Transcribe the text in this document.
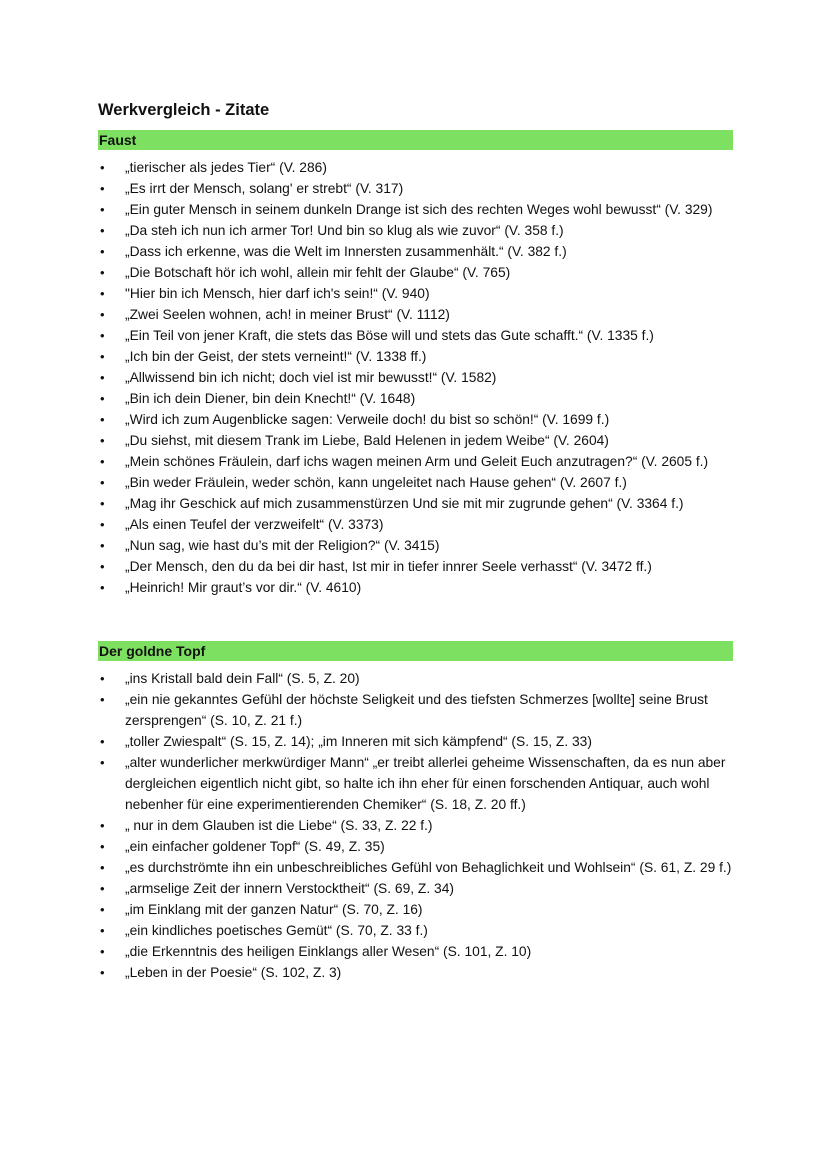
Werkvergleich - Zitate
Faust
• „tierischer als jedes Tier“ (V. 286)
• „Es irrt der Mensch, solang' er strebt“ (V. 317)
• „Ein guter Mensch in seinem dunkeln Drange ist sich des rechten Weges wohl bewusst“ (V. 329)
• „Da steh ich nun ich armer Tor! Und bin so klug als wie zuvor“ (V. 358 f.)
• „Dass ich erkenne, was die Welt im Innersten zusammenhält.“ (V. 382 f.)
• „Die Botschaft hör ich wohl, allein mir fehlt der Glaube“ (V. 765)
• "Hier bin ich Mensch, hier darf ich's sein!“ (V. 940)
• „Zwei Seelen wohnen, ach! in meiner Brust“ (V. 1112)
• „Ein Teil von jener Kraft, die stets das Böse will und stets das Gute schafft.“ (V. 1335 f.)
• „Ich bin der Geist, der stets verneint!“ (V. 1338 ff.)
• „Allwissend bin ich nicht; doch viel ist mir bewusst!“ (V. 1582)
• „Bin ich dein Diener, bin dein Knecht!“ (V. 1648)
• „Wird ich zum Augenblicke sagen: Verweile doch! du bist so schön!“ (V. 1699 f.)
• „Du siehst, mit diesem Trank im Liebe, Bald Helenen in jedem Weibe“ (V. 2604)
• „Mein schönes Fräulein, darf ichs wagen meinen Arm und Geleit Euch anzutragen?“ (V. 2605 f.)
• „Bin weder Fräulein, weder schön, kann ungeleitet nach Hause gehen“ (V. 2607 f.)
• „Mag ihr Geschick auf mich zusammenstürzen Und sie mit mir zugrunde gehen“ (V. 3364 f.)
• „Als einen Teufel der verzweifelt“ (V. 3373)
• „Nun sag, wie hast du’s mit der Religion?“ (V. 3415)
• „Der Mensch, den du da bei dir hast, Ist mir in tiefer innrer Seele verhasst“ (V. 3472 ff.)
• „Heinrich! Mir graut’s vor dir.“ (V. 4610)
Der goldne Topf
• „ins Kristall bald dein Fall“ (S. 5, Z. 20)
• „ein nie gekanntes Gefühl der höchste Seligkeit und des tiefsten Schmerzes [wollte] seine Brust zersprengen“ (S. 10, Z. 21 f.)
• „toller Zwiespalt“ (S. 15, Z. 14); „im Inneren mit sich kämpfend“ (S. 15, Z. 33)
• „alter wunderlicher merkwürdiger Mann“ „er treibt allerlei geheime Wissenschaften, da es nun aber dergleichen eigentlich nicht gibt, so halte ich ihn eher für einen forschenden Antiquar, auch wohl nebenher für eine experimentierenden Chemiker“ (S. 18, Z. 20 ff.)
• „ nur in dem Glauben ist die Liebe“ (S. 33, Z. 22 f.)
• „ein einfacher goldener Topf“ (S. 49, Z. 35)
• „es durchströmte ihn ein unbeschreibliches Gefühl von Behaglichkeit und Wohlsein“ (S. 61, Z. 29 f.)
• „armselige Zeit der innern Verstocktheit“ (S. 69, Z. 34)
• „im Einklang mit der ganzen Natur“ (S. 70, Z. 16)
• „ein kindliches poetisches Gemüt“ (S. 70, Z. 33 f.)
• „die Erkenntnis des heiligen Einklangs aller Wesen“ (S. 101, Z. 10)
• „Leben in der Poesie“ (S. 102, Z. 3)
